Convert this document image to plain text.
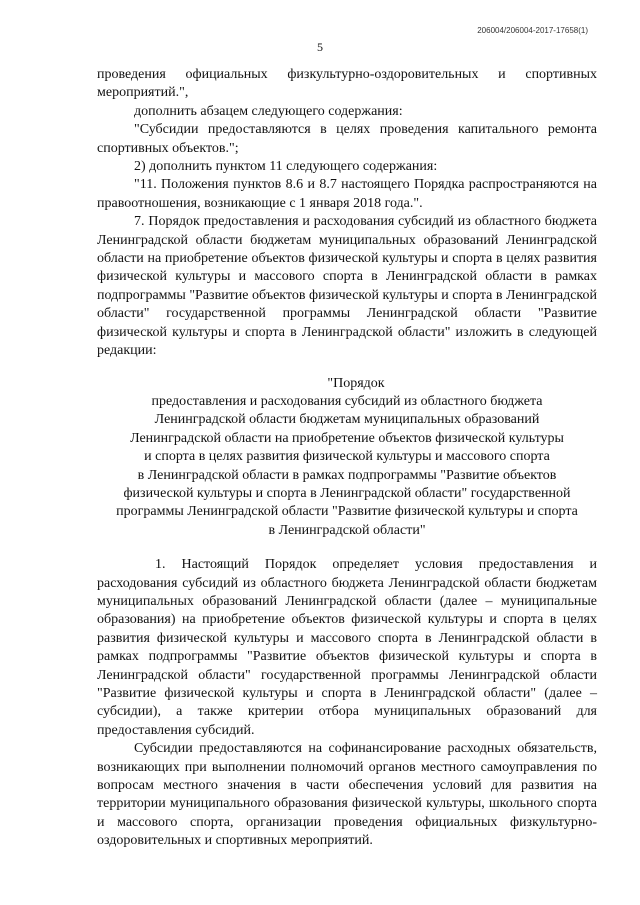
206004/206004-2017-17658(1)
5

проведения официальных физкультурно-оздоровительных и спортивных мероприятий.",

дополнить абзацем следующего содержания:

"Субсидии предоставляются в целях проведения капитального ремонта спортивных объектов.";

2) дополнить пунктом 11 следующего содержания:

"11. Положения пунктов 8.6 и 8.7 настоящего Порядка распространяются на правоотношения, возникающие с 1 января 2018 года.".

7. Порядок предоставления и расходования субсидий из областного бюджета Ленинградской области бюджетам муниципальных образований Ленинградской области на приобретение объектов физической культуры и спорта в целях развития физической культуры и массового спорта в Ленинградской области в рамках подпрограммы "Развитие объектов физической культуры и спорта в Ленинградской области" государственной программы Ленинградской области "Развитие физической культуры и спорта в Ленинградской области" изложить в следующей редакции:

"Порядок

предоставления и расходования субсидий из областного бюджета

Ленинградской области бюджетам муниципальных образований

Ленинградской области на приобретение объектов физической культуры

и спорта в целях развития физической культуры и массового спорта

в Ленинградской области в рамках подпрограммы "Развитие объектов

физической культуры и спорта в Ленинградской области" государственной

программы Ленинградской области "Развитие физической культуры и спорта

в Ленинградской области"

1. Настоящий Порядок определяет условия предоставления и расходования субсидий из областного бюджета Ленинградской области бюджетам муниципальных образований Ленинградской области (далее – муниципальные образования) на приобретение объектов физической культуры и спорта в целях развития физической культуры и массового спорта в Ленинградской области в рамках подпрограммы "Развитие объектов физической культуры и спорта в Ленинградской области" государственной программы Ленинградской области "Развитие физической культуры и спорта в Ленинградской области" (далее – субсидии), а также критерии отбора муниципальных образований для предоставления субсидий.

Субсидии предоставляются на софинансирование расходных обязательств, возникающих при выполнении полномочий органов местного самоуправления по вопросам местного значения в части обеспечения условий для развития на территории муниципального образования физической культуры, школьного спорта и массового спорта, организации проведения официальных физкультурно-оздоровительных и спортивных мероприятий.
